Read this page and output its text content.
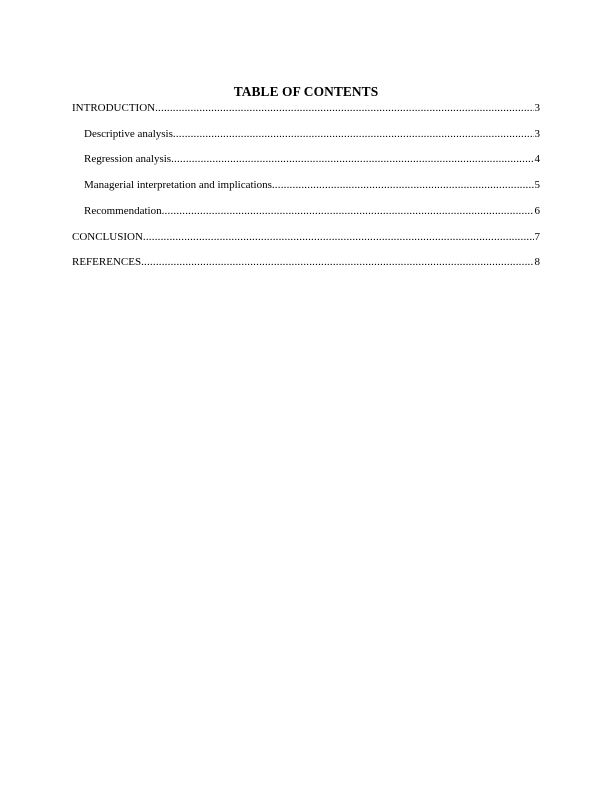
TABLE OF CONTENTS
INTRODUCTION .....	3
Descriptive analysis .....	3
Regression analysis .....	4
Managerial interpretation and implications .....	5
Recommendation .....	6
CONCLUSION .....	7
REFERENCES .....	8
